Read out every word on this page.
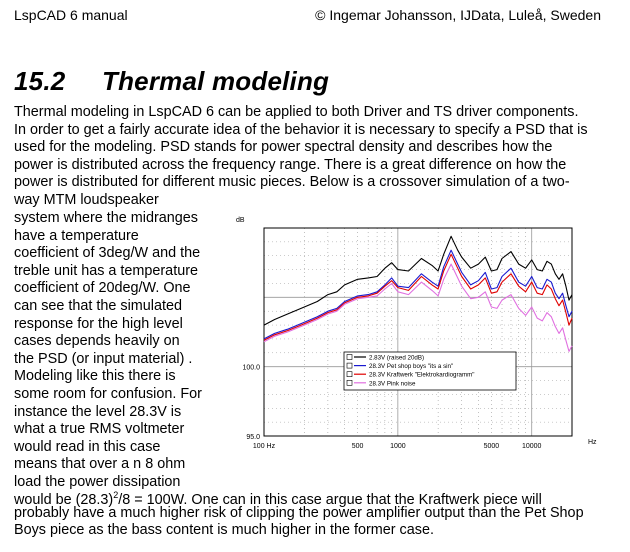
LspCAD 6 manual	© Ingemar Johansson, IJData, Luleå, Sweden
15.2 Thermal modeling
Thermal modeling in LspCAD 6 can be applied to both Driver and TS driver components.
In order to get a fairly accurate idea of the behavior it is necessary to specify a PSD that is
used for the modeling. PSD stands for power spectral density and describes how the
power is distributed across the frequency range. There is a great difference on how the
power is distributed for different music pieces. Below is a crossover simulation of a two-
way MTM loudspeaker
system where the midranges
have a temperature
coefficient of 3deg/W and the
treble unit has a temperature
coefficient of 20deg/W. One
can see that the simulated
response for the high level
cases depends heavily on
the PSD (or input material) .
Modeling like this there is
some room for confusion. For
instance the level 28.3V is
what a true RMS voltmeter
would read in this case
means that over a n 8 ohm
load the power dissipation
would be $(28.3)^2/8 = 100W$. One can in this case argue that the Kraftwerk piece will
probably have a much higher risk of clipping the power amplifier output than the Pet Shop
Boys piece as the bass content is much higher in the former case.
dB
Hz
100 Hz	500	1000	5000	10000
100.0
95.0
2.83V (raised 20dB)
28.3V Pet shop boys "its a sin"
28.3V Kraftwerk "Elektrokardiogramm"
28.3V Pink noise
